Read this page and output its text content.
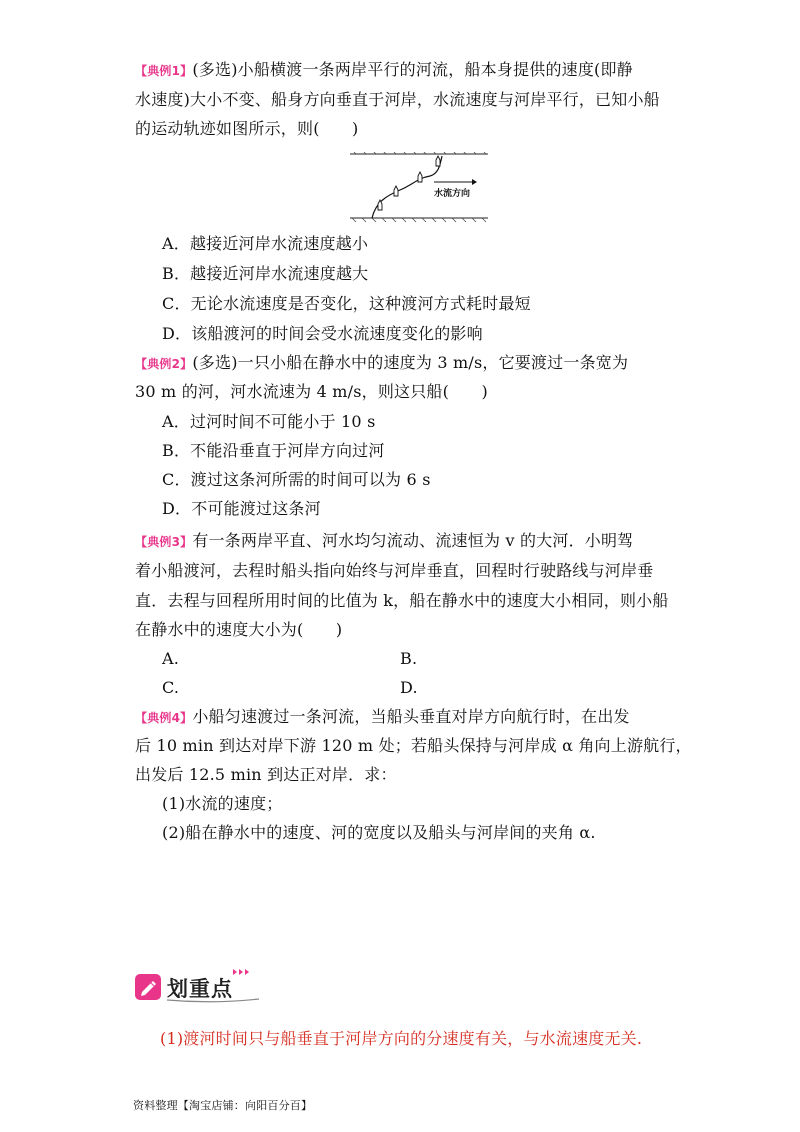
【典例1】(多选)小船横渡一条两岸平行的河流，船本身提供的速度(即静
水速度)大小不变、船身方向垂直于河岸，水流速度与河岸平行，已知小船
的运动轨迹如图所示，则(　　)
水流方向
A．越接近河岸水流速度越小
B．越接近河岸水流速度越大
C．无论水流速度是否变化，这种渡河方式耗时最短
D．该船渡河的时间会受水流速度变化的影响
【典例2】(多选)一只小船在静水中的速度为 3 m/s，它要渡过一条宽为
30 m 的河，河水流速为 4 m/s，则这只船(　　)
A．过河时间不可能小于 10 s
B．不能沿垂直于河岸方向过河
C．渡过这条河所需的时间可以为 6 s
D．不可能渡过这条河
【典例3】有一条两岸平直、河水均匀流动、流速恒为 v 的大河．小明驾
着小船渡河，去程时船头指向始终与河岸垂直，回程时行驶路线与河岸垂
直．去程与回程所用时间的比值为 k，船在静水中的速度大小相同，则小船
在静水中的速度大小为(　　)
A.	B.
C.	D.
【典例4】小船匀速渡过一条河流，当船头垂直对岸方向航行时，在出发
后 10 min 到达对岸下游 120 m 处；若船头保持与河岸成 α 角向上游航行，
出发后 12.5 min 到达正对岸．求：
(1)水流的速度；
(2)船在静水中的速度、河的宽度以及船头与河岸间的夹角 α.
划重点
(1)渡河时间只与船垂直于河岸方向的分速度有关，与水流速度无关.
资料整理【淘宝店铺：向阳百分百】
